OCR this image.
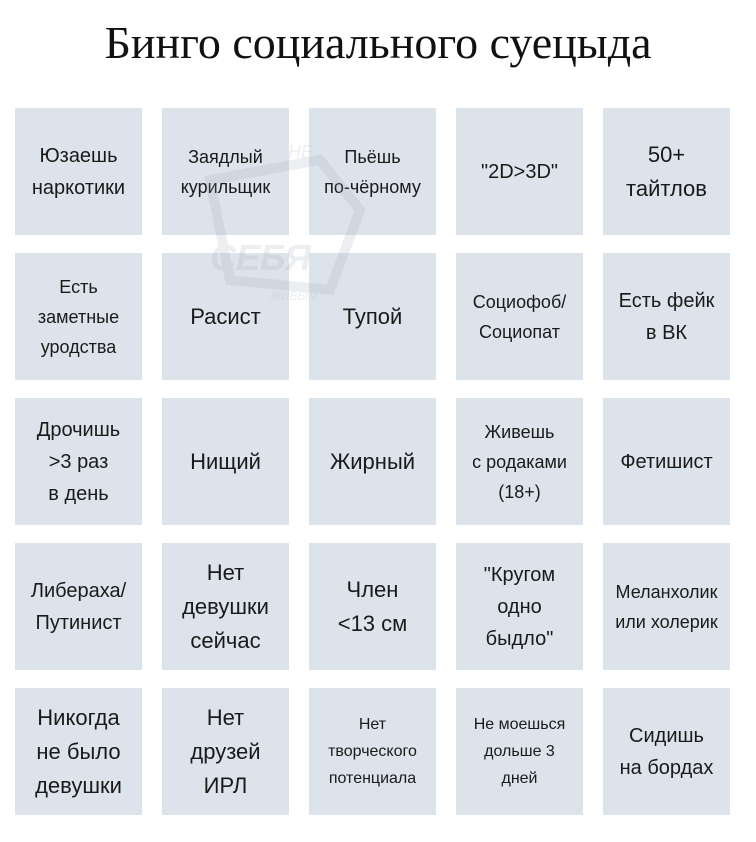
Бинго социального суецыда
Юзаешь
наркотики
Заядлый
курильщик
Пьёшь
по-чёрному
"2D>3D"
50+
тайтлов
Есть
заметные
уродства
Расист	Тупой
Социофоб/
Социопат
Есть фейк
в ВК
Дрочишь
>3 раз
в день
Нищий	Жирный
Живешь
с родаками
(18+)
Фетишист
Либераха/
Путинист
Нет
девушки
сейчас
Член
<13 см
"Кругом
одно
быдло"
Меланхолик
или холерик
Никогда
не было
девушки
Нет
друзей
ИРЛ
Нет
творческого
потенциала
Не моешься
дольше 3
дней
Сидишь
на бордах
НЕ
ЖИВЫМ
